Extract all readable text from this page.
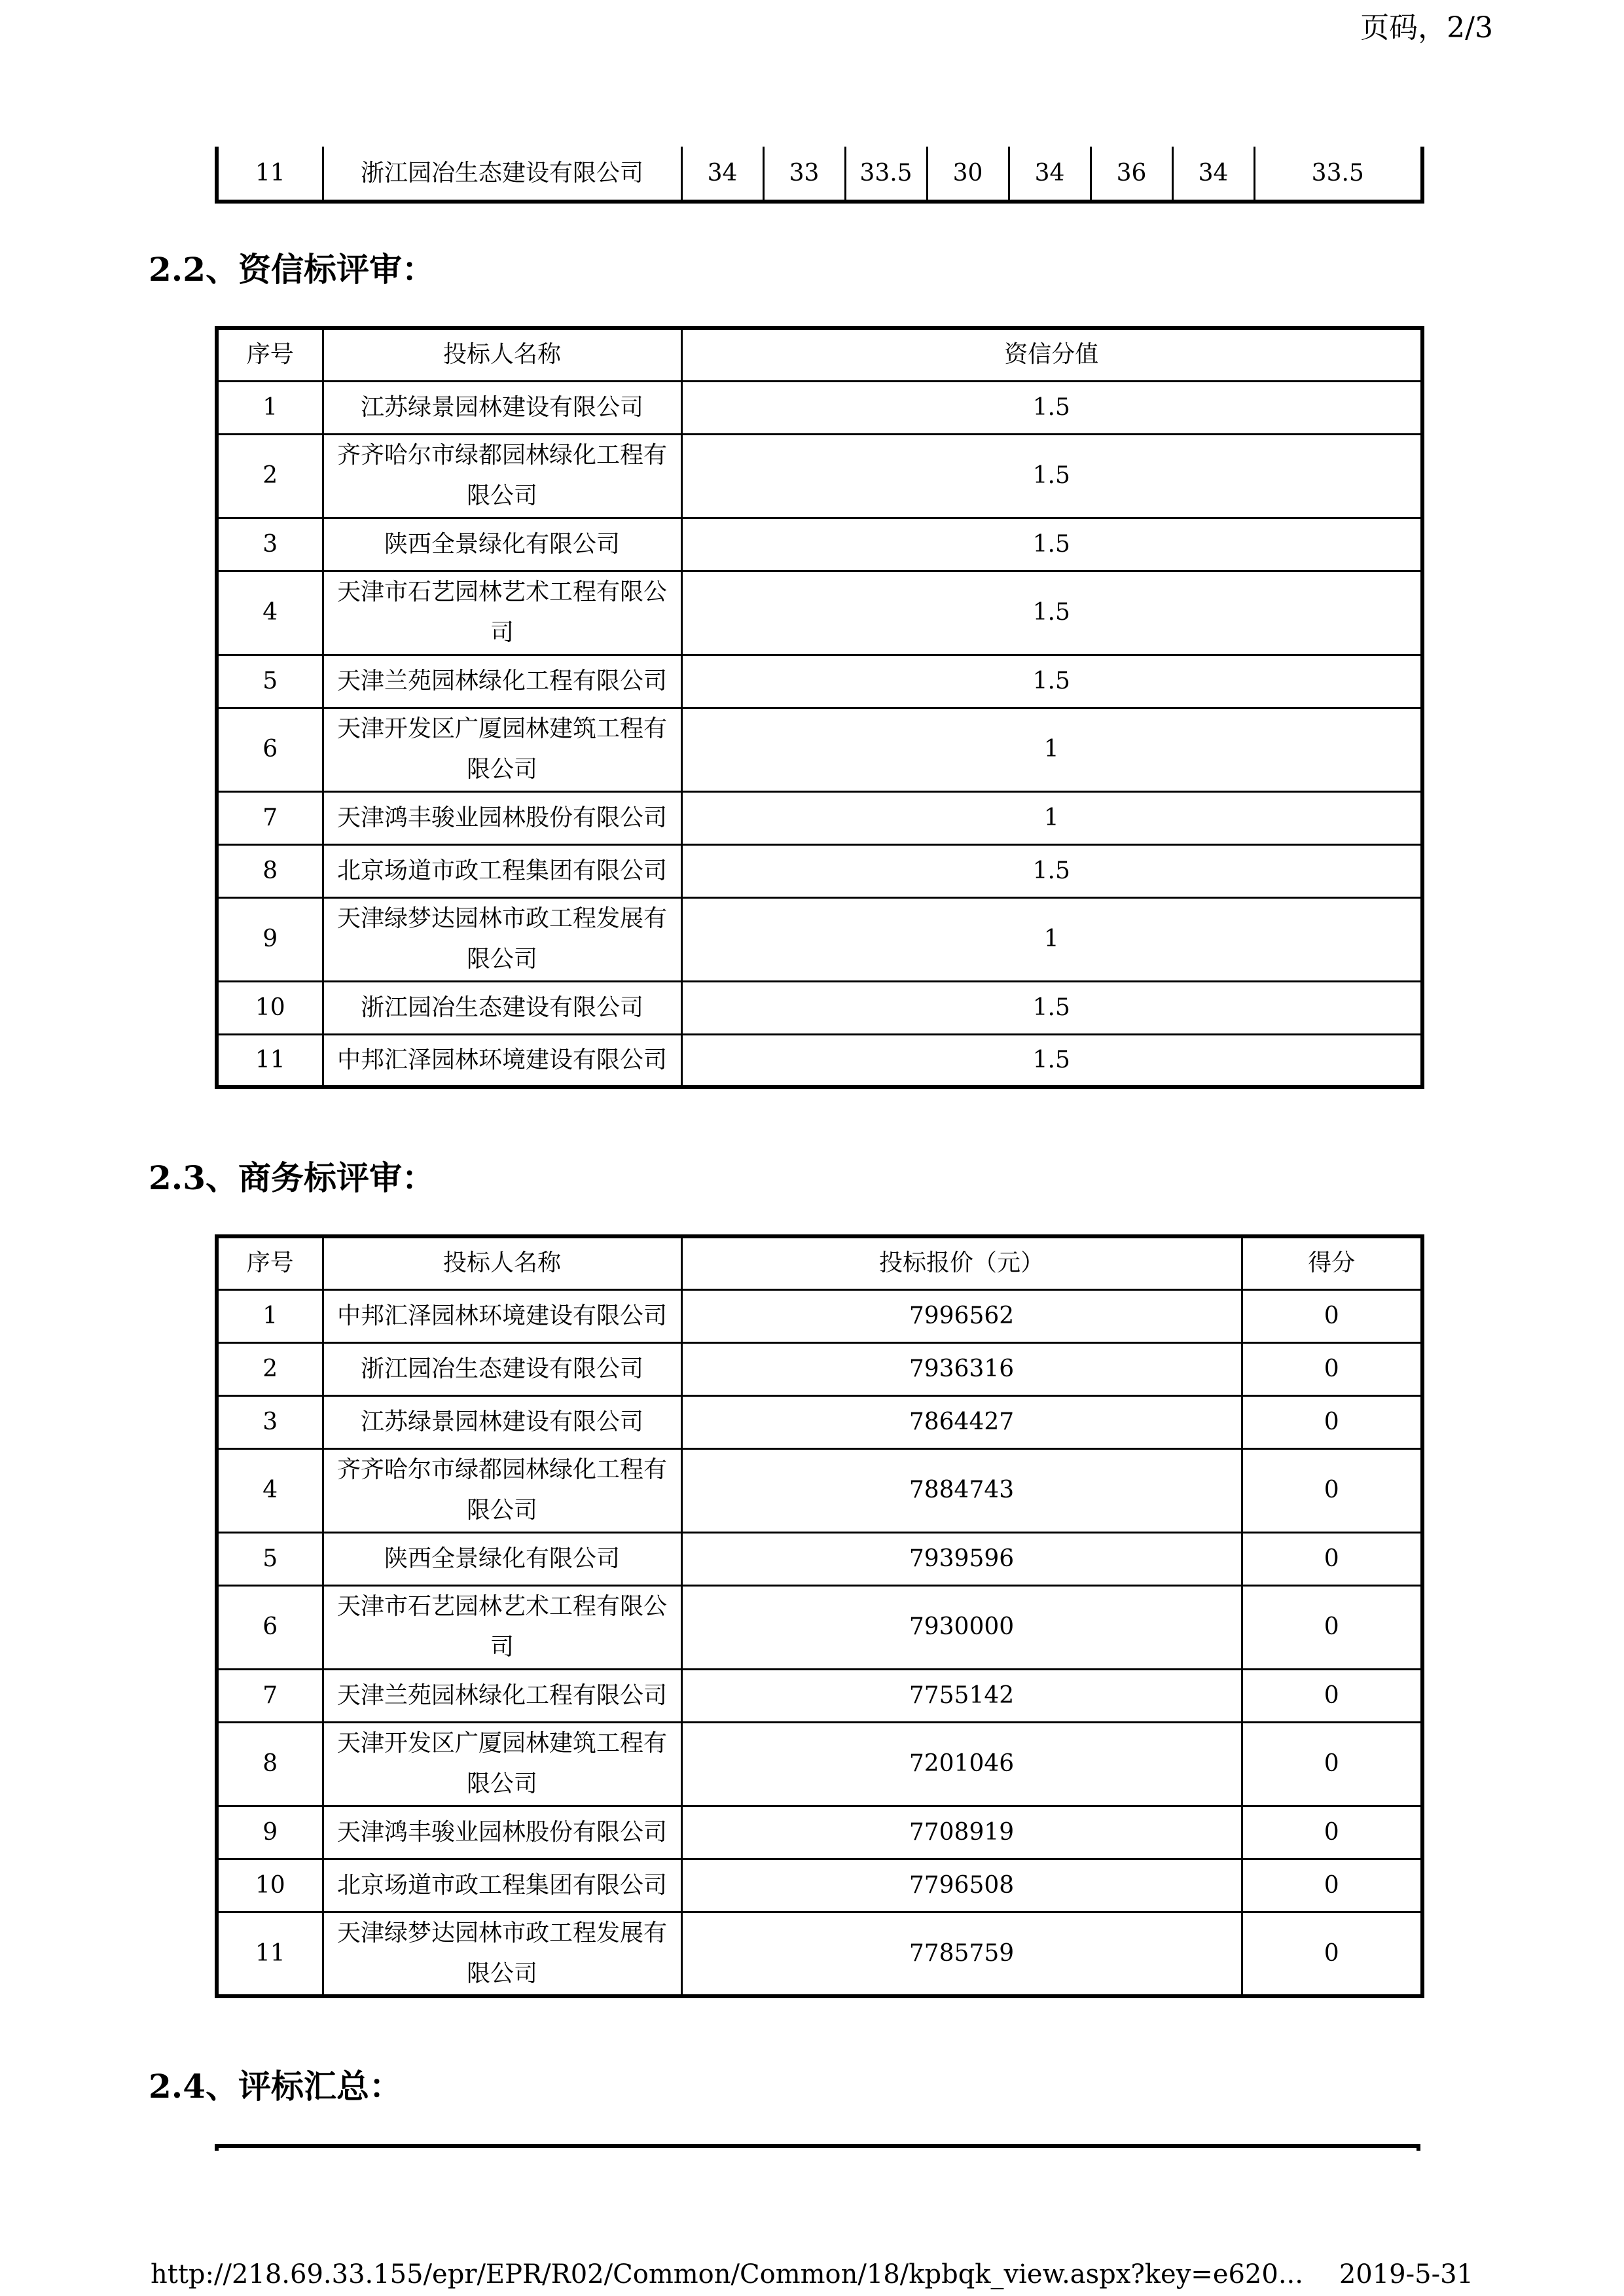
页码，2/3
11	浙江园冶生态建设有限公司	34	33	33.5	30	34	36	34	33.5
2.2、资信标评审：
序号	投标人名称	资信分值
1	江苏绿景园林建设有限公司	1.5
2	齐齐哈尔市绿都园林绿化工程有限公司	1.5
3	陕西全景绿化有限公司	1.5
4	天津市石艺园林艺术工程有限公司	1.5
5	天津兰苑园林绿化工程有限公司	1.5
6	天津开发区广厦园林建筑工程有限公司	1
7	天津鸿丰骏业园林股份有限公司	1
8	北京场道市政工程集团有限公司	1.5
9	天津绿梦达园林市政工程发展有限公司	1
10	浙江园冶生态建设有限公司	1.5
11	中邦汇泽园林环境建设有限公司	1.5
2.3、商务标评审：
序号	投标人名称	投标报价（元）	得分
1	中邦汇泽园林环境建设有限公司	7996562	0
2	浙江园冶生态建设有限公司	7936316	0
3	江苏绿景园林建设有限公司	7864427	0
4	齐齐哈尔市绿都园林绿化工程有限公司	7884743	0
5	陕西全景绿化有限公司	7939596	0
6	天津市石艺园林艺术工程有限公司	7930000	0
7	天津兰苑园林绿化工程有限公司	7755142	0
8	天津开发区广厦园林建筑工程有限公司	7201046	0
9	天津鸿丰骏业园林股份有限公司	7708919	0
10	北京场道市政工程集团有限公司	7796508	0
11	天津绿梦达园林市政工程发展有限公司	7785759	0
2.4、评标汇总：
http://218.69.33.155/epr/EPR/R02/Common/Common/18/kpbqk_view.aspx?key=e620... 2019-5-31
